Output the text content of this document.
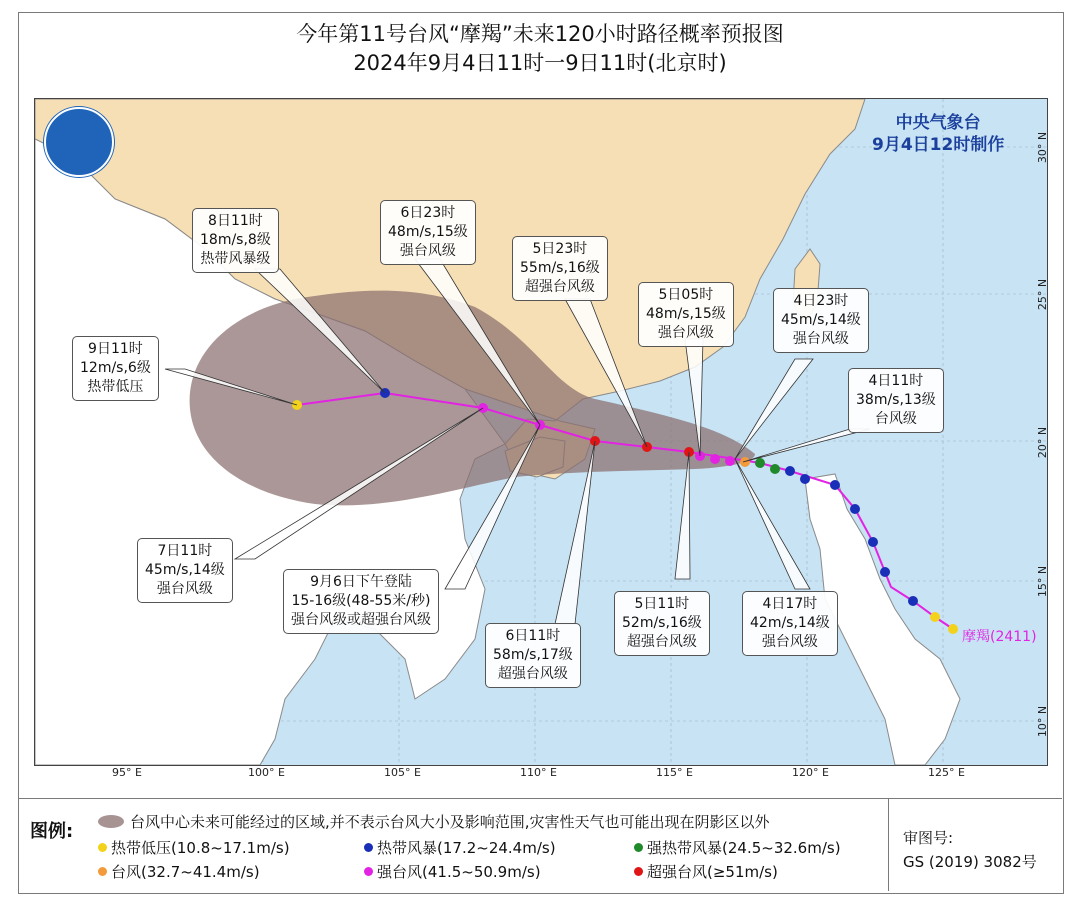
今年第11号台风“摩羯”未来120小时路径概率预报图
2024年9月4日11时一9日11时(北京时)
中央气象台
9月4日12时制作
摩羯(2411)
8日11时
18m/s,8级
热带风暴级
6日23时
48m/s,15级
强台风级	5日23时
55m/s,16级
超强台风级	5日05时
48m/s,15级
强台风级
4日23时
45m/s,14级
强台风级
4日11时
38m/s,13级
台风级
9日11时
12m/s,6级
热带低压
7日11时
45m/s,14级
强台风级	9月6日下午登陆
15-16级(48-55米/秒)
强台风级或超强台风级
6日11时
58m/s,17级
超强台风级
5日11时
52m/s,16级
超强台风级
4日17时
42m/s,14级
强台风级
95° E	100° E	105° E	110° E	115° E	120° E	125° E
10° N
15° N
20° N
25° N
30° N
图例:	台风中心未来可能经过的区域,并不表示台风大小及影响范围,灾害性天气也可能出现在阴影区以外
热带低压(10.8~17.1m/s)	热带风暴(17.2~24.4m/s)	强热带风暴(24.5~32.6m/s)
台风(32.7~41.4m/s)	强台风(41.5~50.9m/s)	超强台风(≥51m/s)
审图号:
GS (2019) 3082号
